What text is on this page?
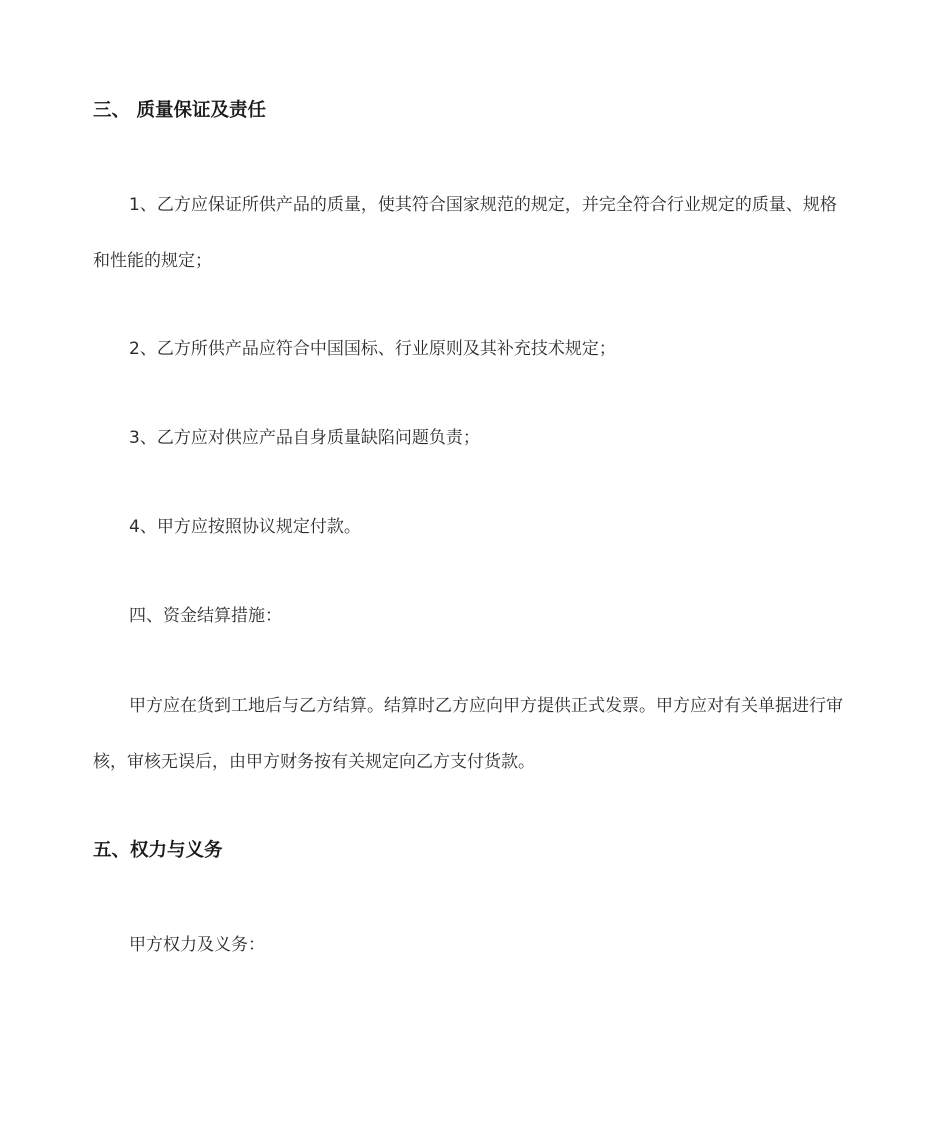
三、 质量保证及责任

1、乙方应保证所供产品的质量，使其符合国家规范的规定，并完全符合行业规定的质量、规格和性能的规定；

2、乙方所供产品应符合中国国标、行业原则及其补充技术规定；

3、乙方应对供应产品自身质量缺陷问题负责；

4、甲方应按照协议规定付款。

四、资金结算措施：

甲方应在货到工地后与乙方结算。结算时乙方应向甲方提供正式发票。甲方应对有关单据进行审核，审核无误后，由甲方财务按有关规定向乙方支付货款。

五、权力与义务

甲方权力及义务：
